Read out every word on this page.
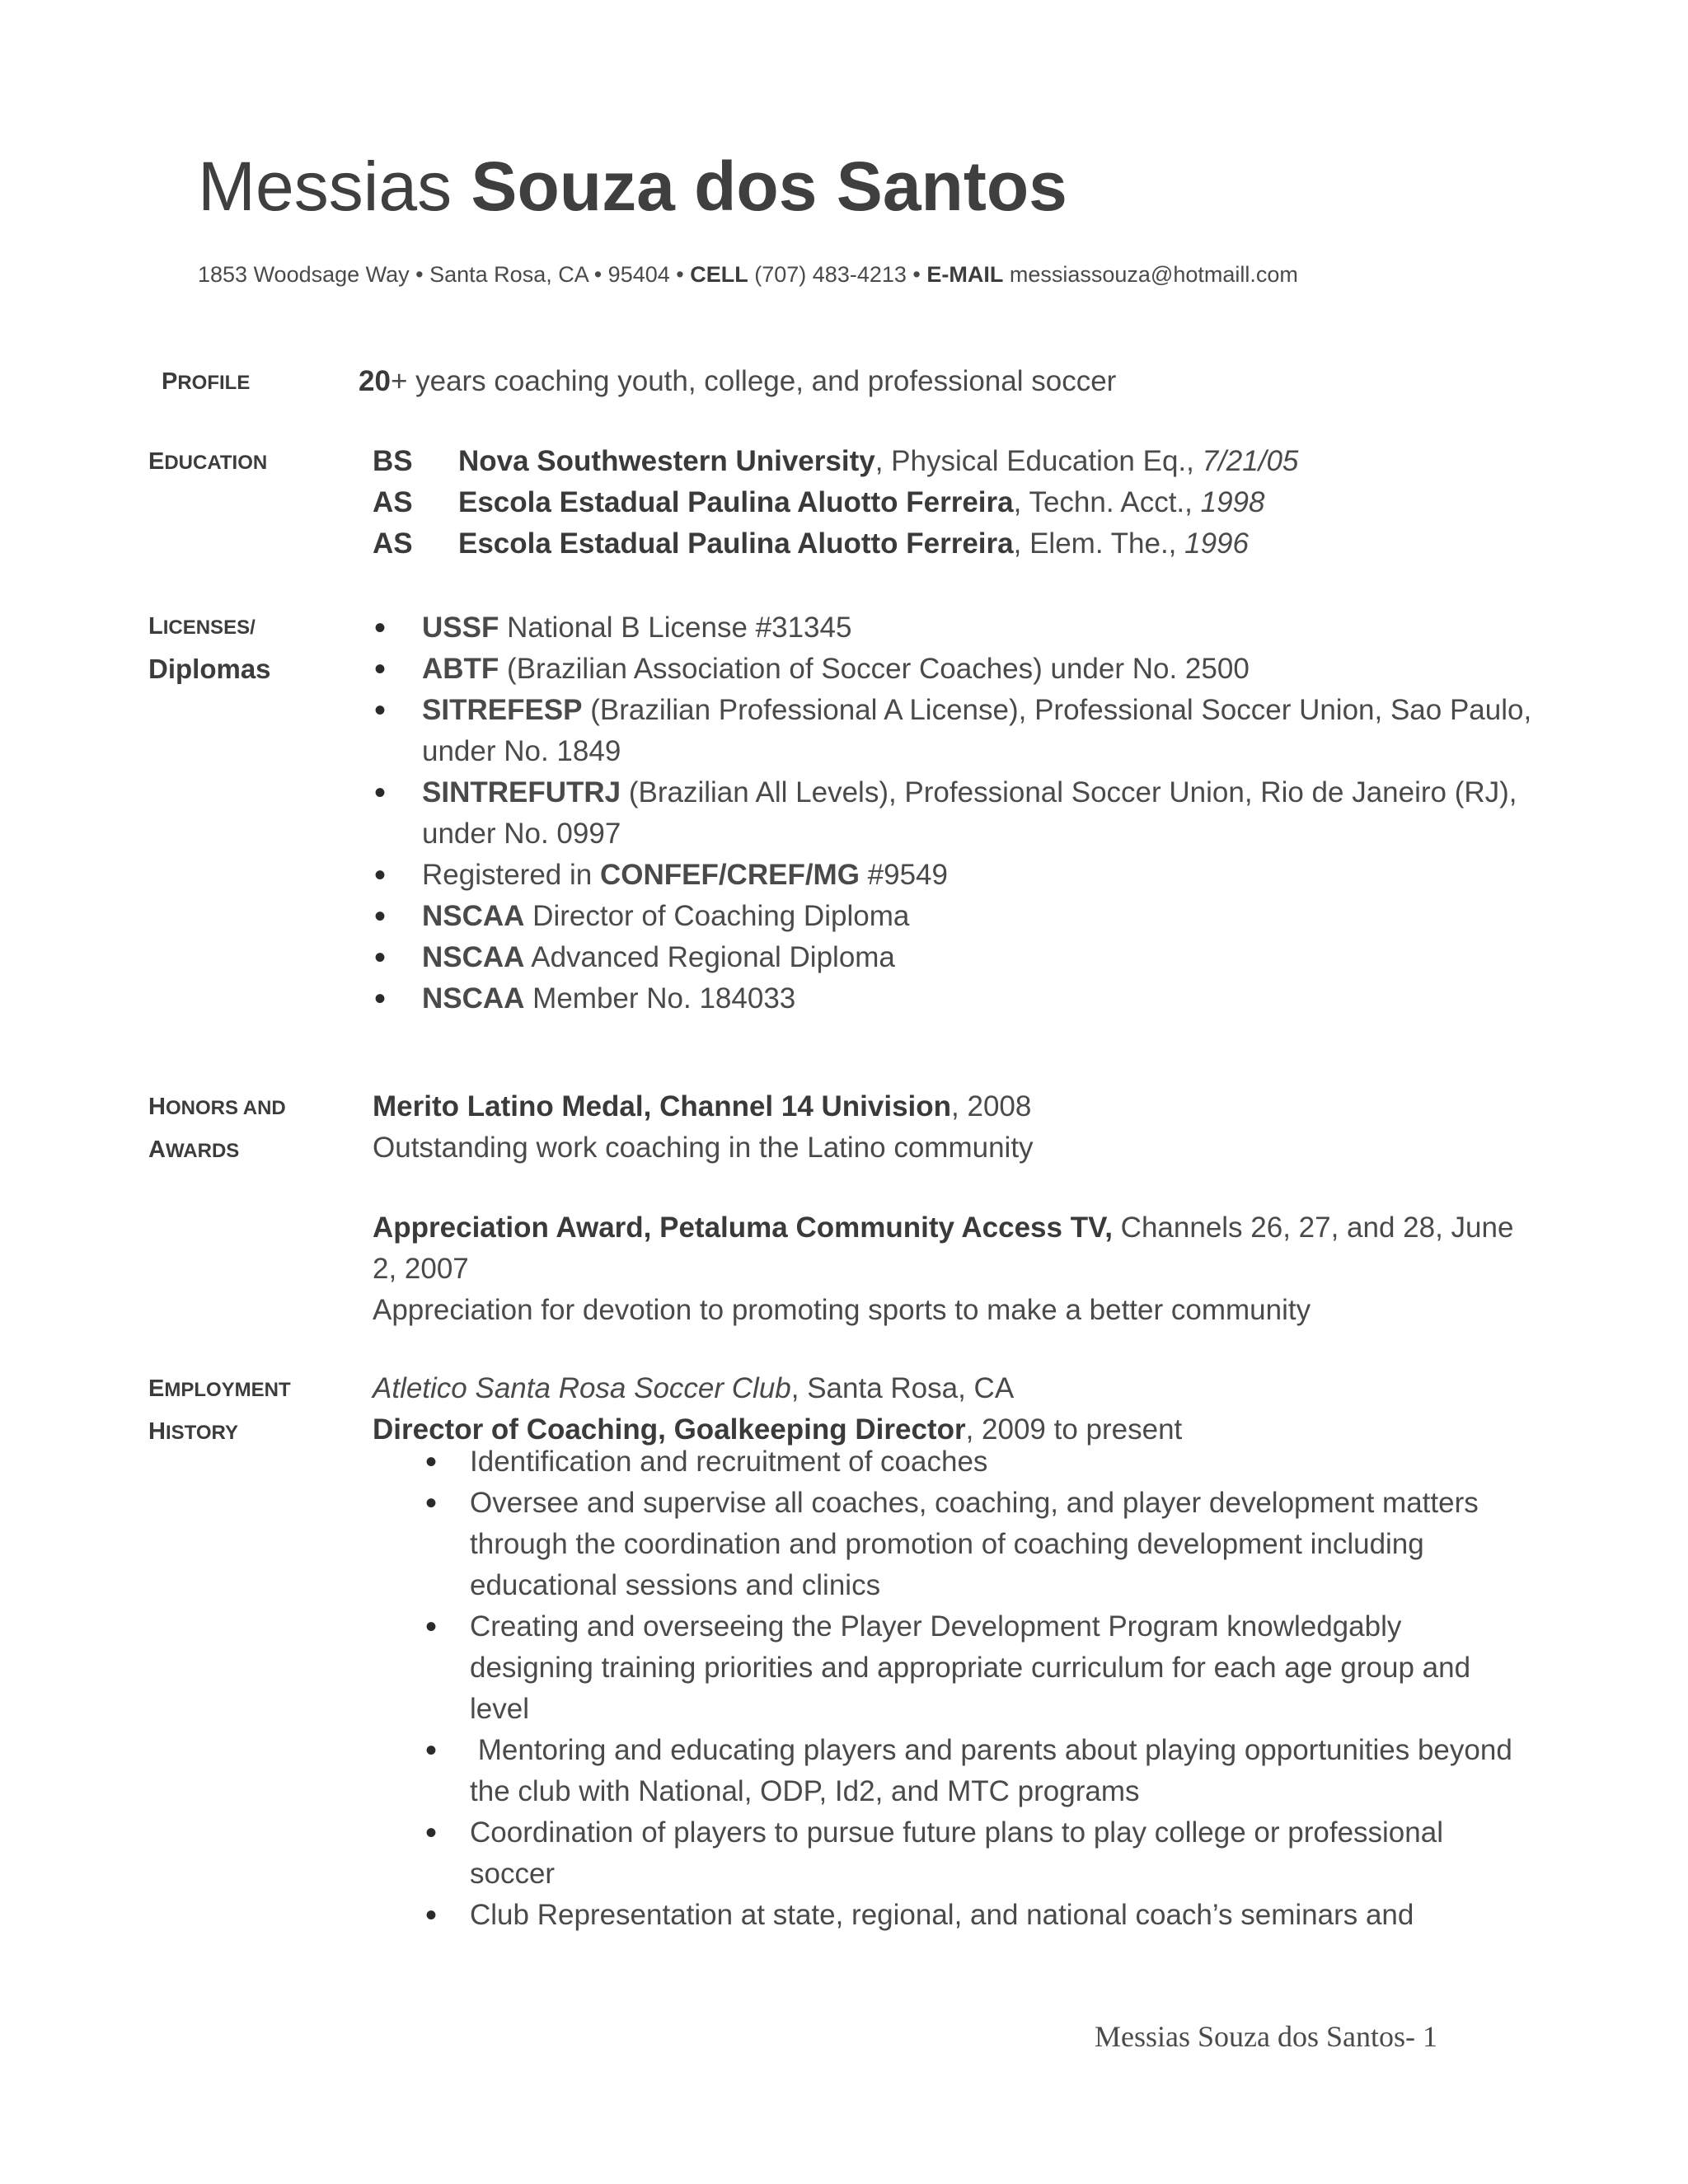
Messias Souza dos Santos
1853 Woodsage Way • Santa Rosa, CA • 95404 • CELL (707) 483-4213 • E-MAIL messiassouza@hotmaill.com
PROFILE	20+ years coaching youth, college, and professional soccer
EDUCATION	BS Nova Southwestern University, Physical Education Eq., 7/21/05
AS Escola Estadual Paulina Aluotto Ferreira, Techn. Acct., 1998
AS Escola Estadual Paulina Aluotto Ferreira, Elem. The., 1996
LICENSES/
Diplomas
• USSF National B License #31345
• ABTF (Brazilian Association of Soccer Coaches) under No. 2500
• SITREFESP (Brazilian Professional A License), Professional Soccer Union, Sao Paulo, under No. 1849
• SINTREFUTRJ (Brazilian All Levels), Professional Soccer Union, Rio de Janeiro (RJ), under No. 0997
• Registered in CONFEF/CREF/MG #9549
• NSCAA Director of Coaching Diploma
• NSCAA Advanced Regional Diploma
• NSCAA Member No. 184033
HONORS AND
AWARDS
Merito Latino Medal, Channel 14 Univision, 2008
Outstanding work coaching in the Latino community
Appreciation Award, Petaluma Community Access TV, Channels 26, 27, and 28, June 2, 2007
Appreciation for devotion to promoting sports to make a better community
EMPLOYMENT
HISTORY
Atletico Santa Rosa Soccer Club, Santa Rosa, CA
Director of Coaching, Goalkeeping Director, 2009 to present
• Identification and recruitment of coaches
• Oversee and supervise all coaches, coaching, and player development matters through the coordination and promotion of coaching development including educational sessions and clinics
• Creating and overseeing the Player Development Program knowledgably designing training priorities and appropriate curriculum for each age group and level
•  Mentoring and educating players and parents about playing opportunities beyond the club with National, ODP, Id2, and MTC programs
• Coordination of players to pursue future plans to play college or professional soccer
• Club Representation at state, regional, and national coach’s seminars and
Messias Souza dos Santos- 1
